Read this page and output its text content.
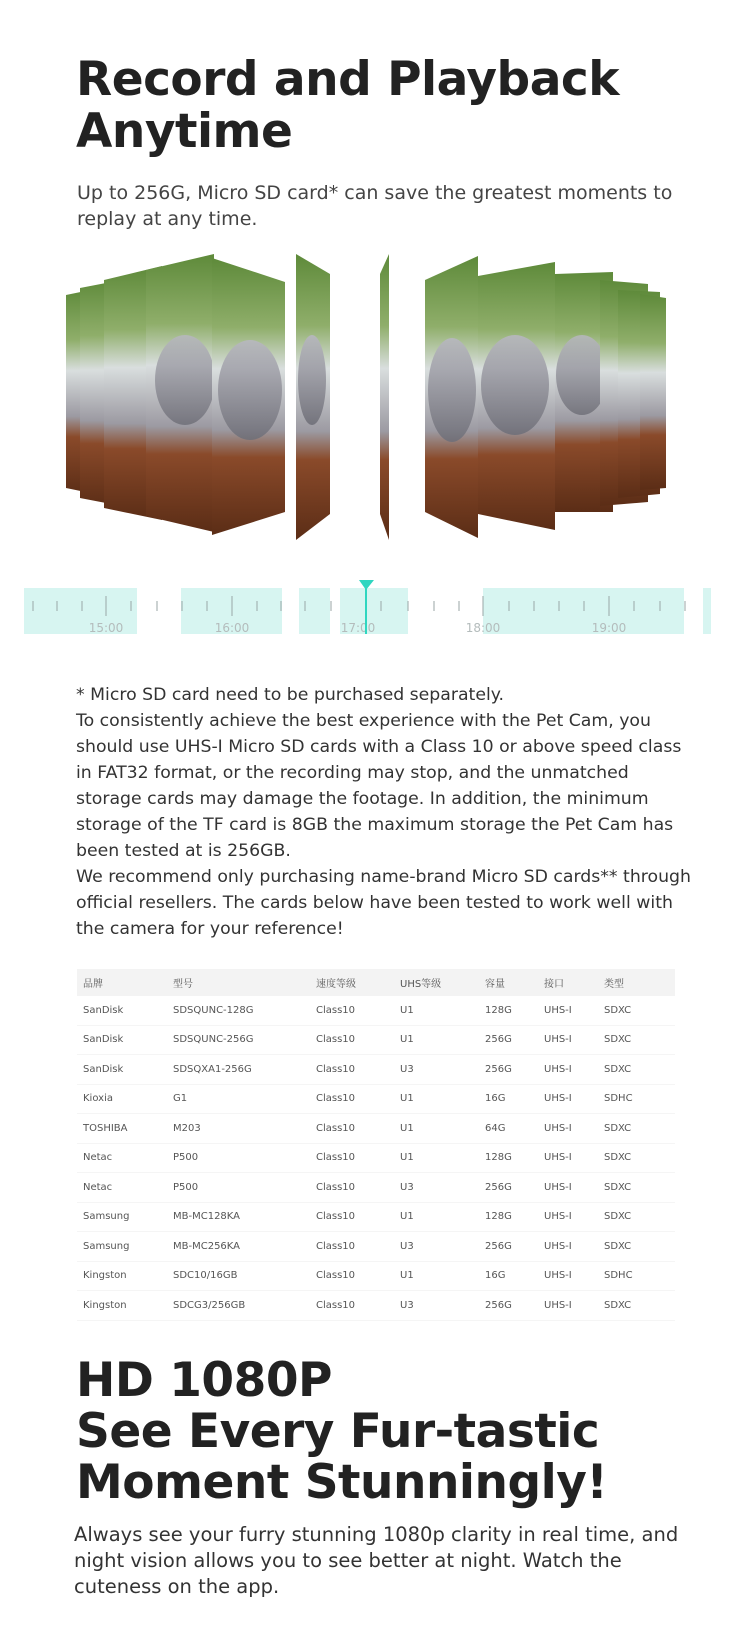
Record and Playback
Anytime

Up to 256G, Micro SD card* can save the greatest moments to replay at any time.

15:00	16:00	17:00	18:00	19:00

* Micro SD card need to be purchased separately.

To consistently achieve the best experience with the Pet Cam, you should use UHS-I Micro SD cards with a Class 10 or above speed class in FAT32 format, or the recording may stop, and the unmatched storage cards may damage the footage. In addition, the minimum storage of the TF card is 8GB the maximum storage the Pet Cam has been tested at is 256GB.

We recommend only purchasing name-brand Micro SD cards** through official resellers. The cards below have been tested to work well with the camera for your reference!

品牌	型号	速度等级	UHS等级	容量	接口	类型
SanDisk	SDSQUNC-128G	Class10	U1	128G	UHS-I	SDXC
SanDisk	SDSQUNC-256G	Class10	U1	256G	UHS-I	SDXC
SanDisk	SDSQXA1-256G	Class10	U3	256G	UHS-I	SDXC
Kioxia	G1	Class10	U1	16G	UHS-I	SDHC
TOSHIBA	M203	Class10	U1	64G	UHS-I	SDXC
Netac	P500	Class10	U1	128G	UHS-I	SDXC
Netac	P500	Class10	U3	256G	UHS-I	SDXC
Samsung	MB-MC128KA	Class10	U1	128G	UHS-I	SDXC
Samsung	MB-MC256KA	Class10	U3	256G	UHS-I	SDXC
Kingston	SDC10/16GB	Class10	U1	16G	UHS-I	SDHC
Kingston	SDCG3/256GB	Class10	U3	256G	UHS-I	SDXC
HD 1080P
See Every Fur-tastic
Moment Stunningly!

Always see your furry stunning 1080p clarity in real time, and night vision allows you to see better at night. Watch the cuteness on the app.
